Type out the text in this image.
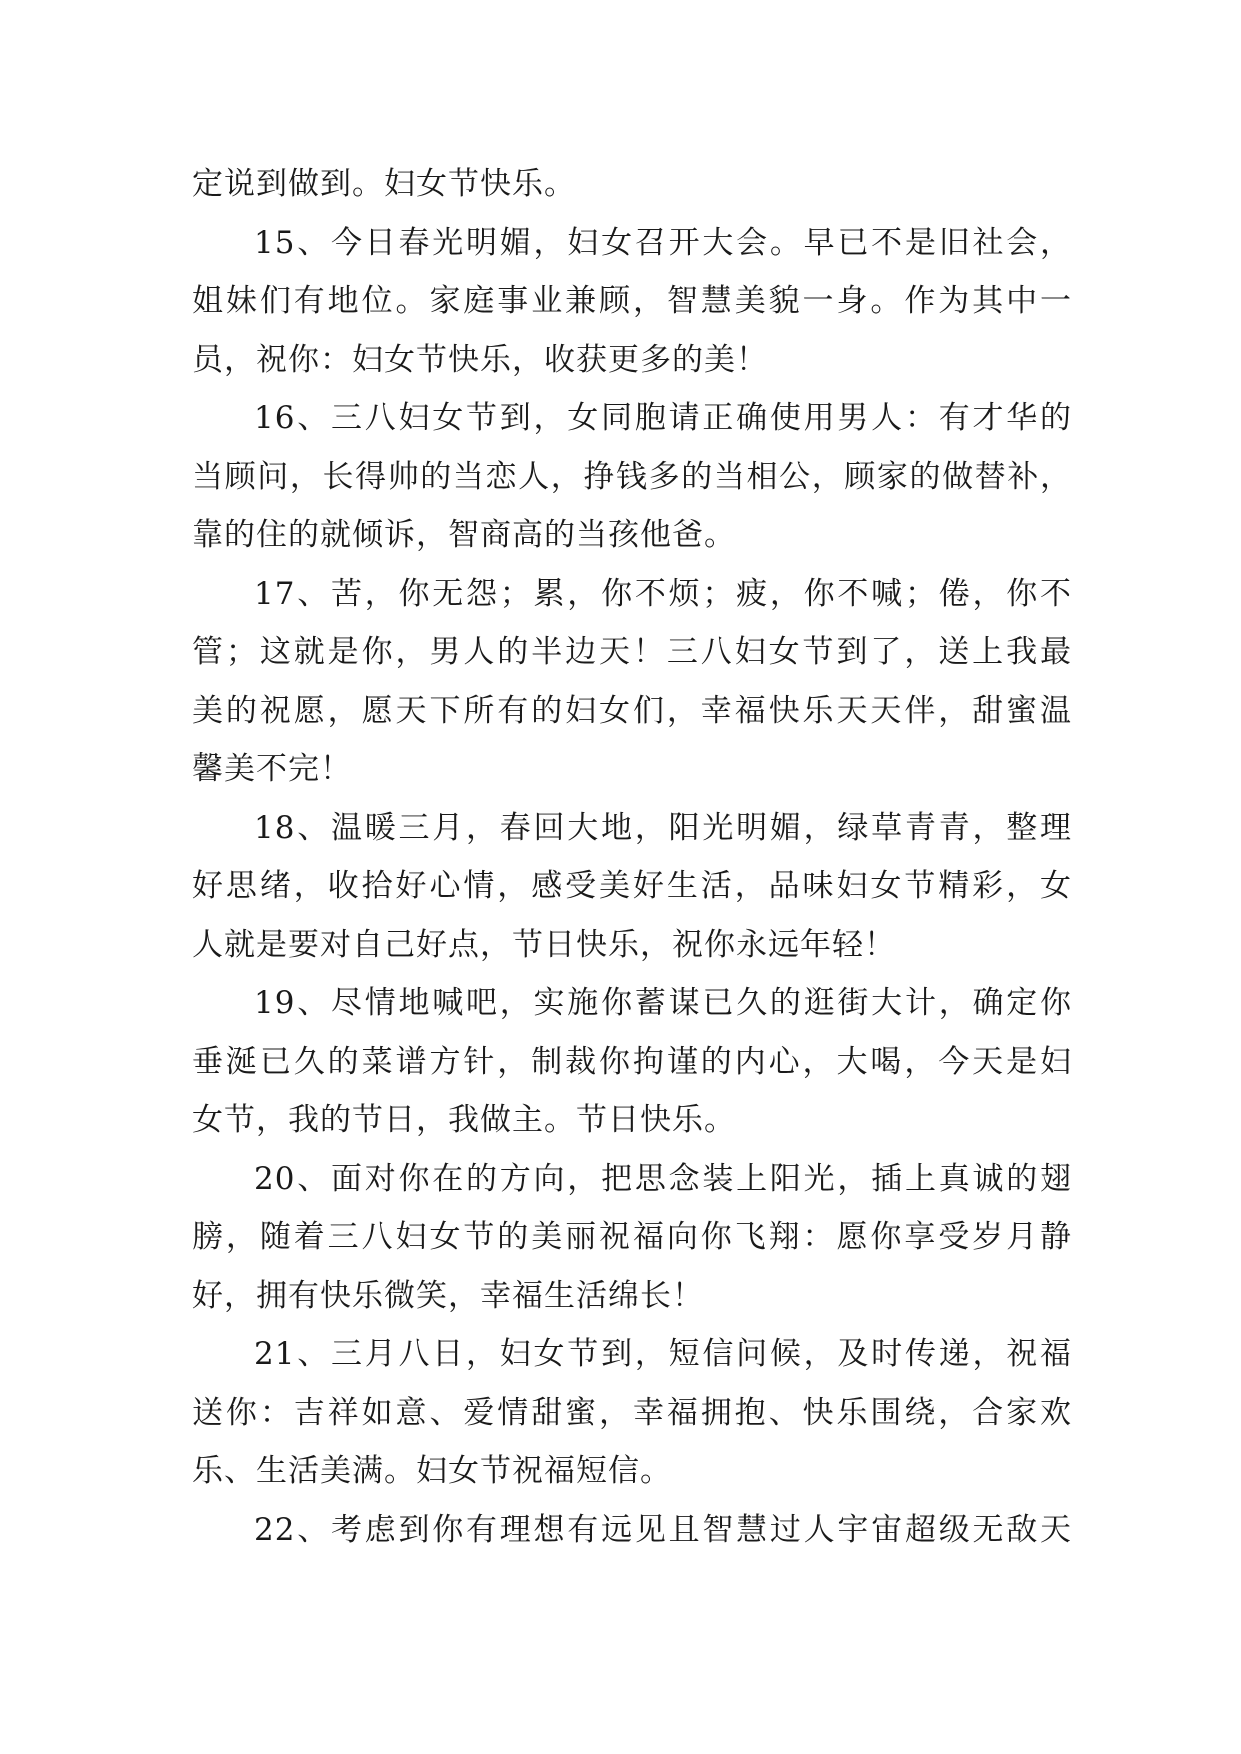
定说到做到。妇女节快乐。
15、今日春光明媚，妇女召开大会。早已不是旧社会，
姐妹们有地位。家庭事业兼顾，智慧美貌一身。作为其中一
员，祝你：妇女节快乐，收获更多的美！
16、三八妇女节到，女同胞请正确使用男人：有才华的
当顾问，长得帅的当恋人，挣钱多的当相公，顾家的做替补，
靠的住的就倾诉，智商高的当孩他爸。
17、苦，你无怨；累，你不烦；疲，你不喊；倦，你不
管；这就是你，男人的半边天！三八妇女节到了，送上我最
美的祝愿，愿天下所有的妇女们，幸福快乐天天伴，甜蜜温
馨美不完！
18、温暖三月，春回大地，阳光明媚，绿草青青，整理
好思绪，收拾好心情，感受美好生活，品味妇女节精彩，女
人就是要对自己好点，节日快乐，祝你永远年轻！
19、尽情地喊吧，实施你蓄谋已久的逛街大计，确定你
垂涎已久的菜谱方针，制裁你拘谨的内心，大喝，今天是妇
女节，我的节日，我做主。节日快乐。
20、面对你在的方向，把思念装上阳光，插上真诚的翅
膀，随着三八妇女节的美丽祝福向你飞翔：愿你享受岁月静
好，拥有快乐微笑，幸福生活绵长！
21、三月八日，妇女节到，短信问候，及时传递，祝福
送你：吉祥如意、爱情甜蜜，幸福拥抱、快乐围绕，合家欢
乐、生活美满。妇女节祝福短信。
22、考虑到你有理想有远见且智慧过人宇宙超级无敌天
